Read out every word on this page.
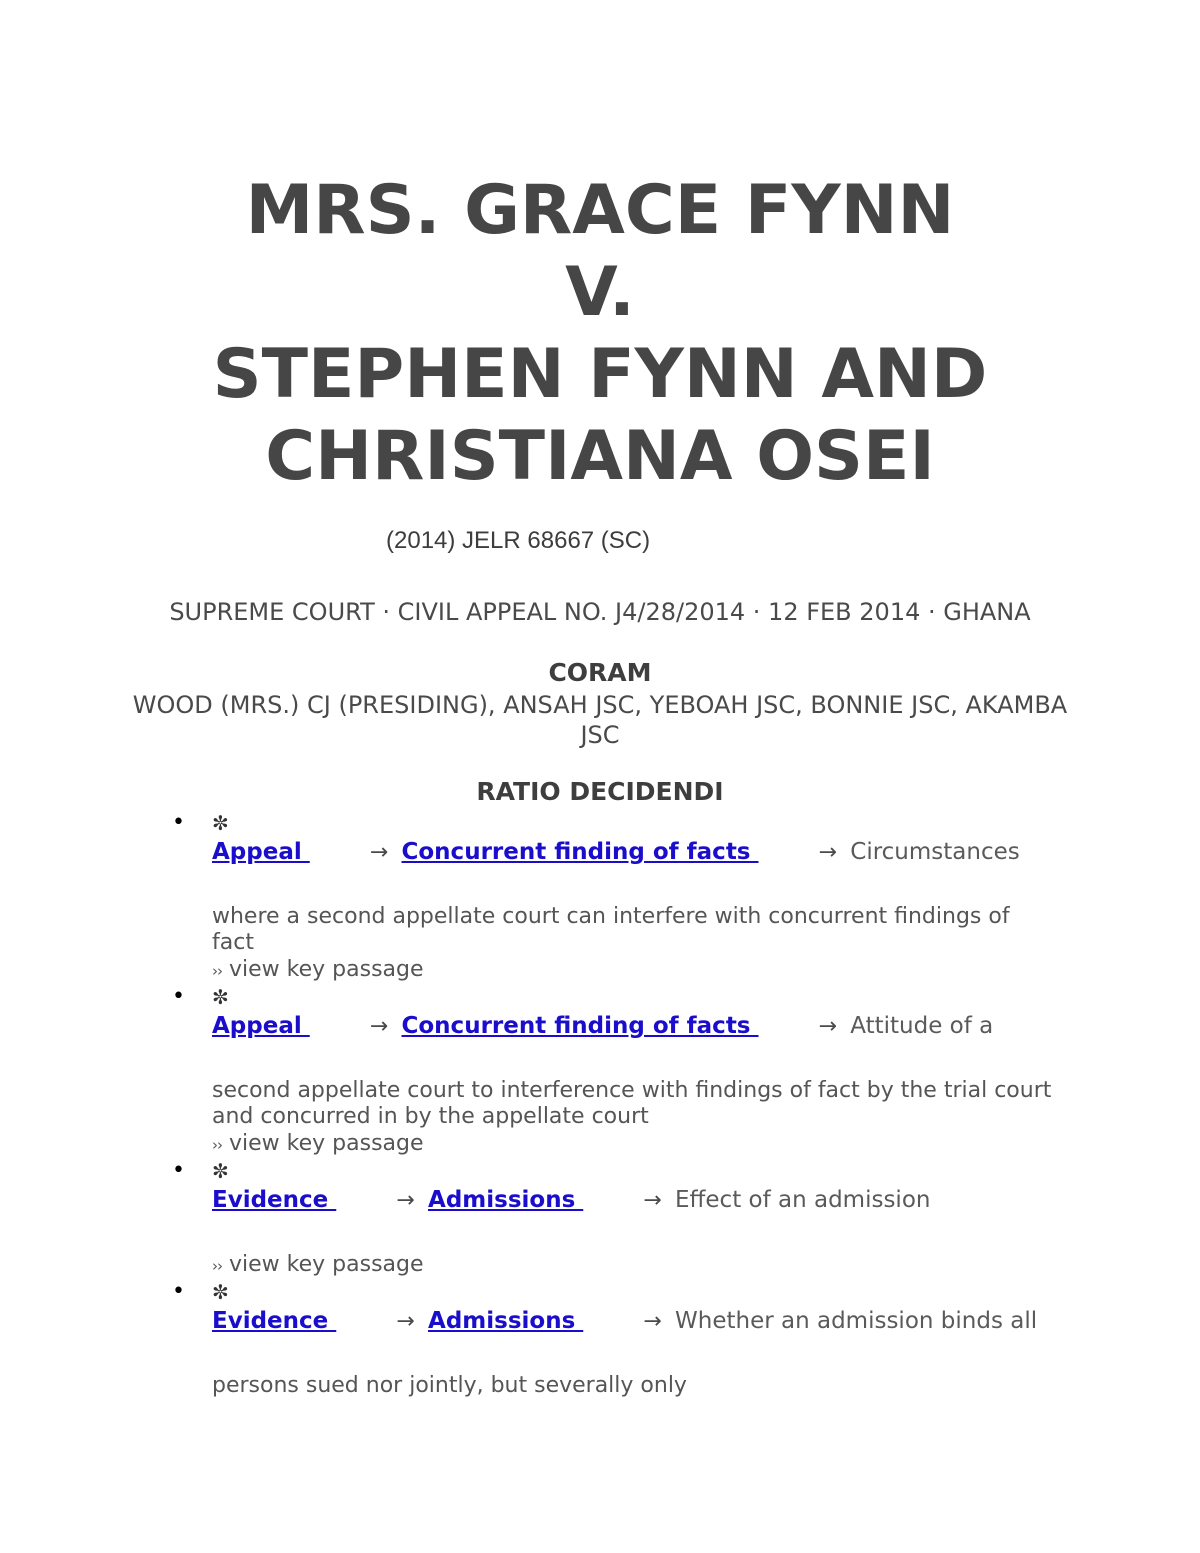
MRS. GRACE FYNN
V.
STEPHEN FYNN AND
CHRISTIANA OSEI

(2014) JELR 68667 (SC)

SUPREME COURT · CIVIL APPEAL NO. J4/28/2014 · 12 FEB 2014 · GHANA

CORAM

WOOD (MRS.) CJ (PRESIDING), ANSAH JSC, YEBOAH JSC, BONNIE JSC, AKAMBA JSC

RATIO DECIDENDI

• ✼
Appeal	→ Concurrent finding of facts	→ Circumstances
where a second appellate court can interfere with concurrent findings of fact
›› view key passage
• ✼
Appeal	→ Concurrent finding of facts	→ Attitude of a
second appellate court to interference with findings of fact by the trial court and concurred in by the appellate court
›› view key passage
• ✼
Evidence	→ Admissions	→ Effect of an admission
›› view key passage
• ✼
Evidence	→ Admissions	→ Whether an admission binds all
persons sued nor jointly, but severally only
